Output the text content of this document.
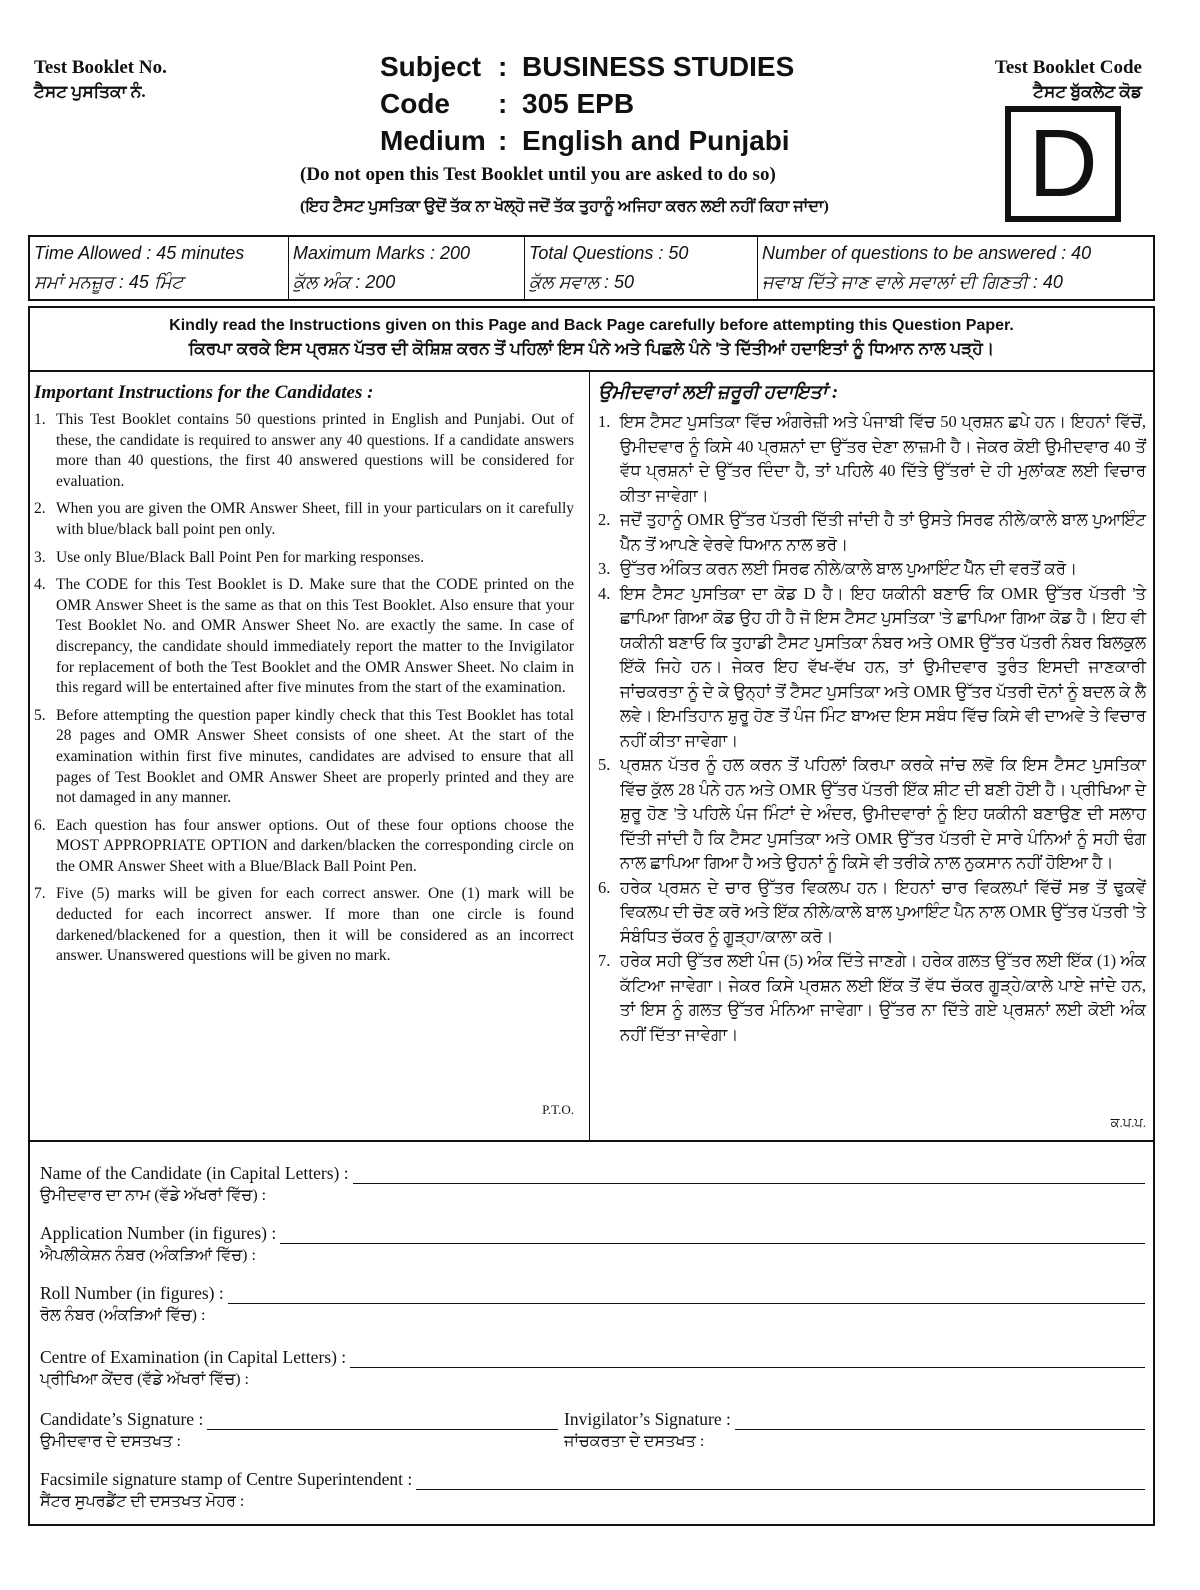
Test Booklet No.
ਟੈਸਟ ਪੁਸਤਿਕਾ ਨੰ.
Subject : BUSINESS STUDIES
Code	: 305 EPB
Medium : English and Punjabi
(Do not open this Test Booklet until you are asked to do so)
(ਇਹ ਟੈਸਟ ਪੁਸਤਿਕਾ ਉਦੋਂ ਤੱਕ ਨਾ ਖੋਲ੍ਹੋ ਜਦੋਂ ਤੱਕ ਤੁਹਾਨੂੰ ਅਜਿਹਾ ਕਰਨ ਲਈ ਨਹੀਂ ਕਿਹਾ ਜਾਂਦਾ)
Test Booklet Code
ਟੈਸਟ ਬੁੱਕਲੇਟ ਕੋਡ
D
Time Allowed : 45 minutes
ਸਮਾਂ ਮਨਜ਼ੂਰ : 45 ਮਿੰਟ
Maximum Marks : 200
ਕੁੱਲ ਅੰਕ : 200
Total Questions : 50
ਕੁੱਲ ਸਵਾਲ : 50
Number of questions to be answered : 40
ਜਵਾਬ ਦਿੱਤੇ ਜਾਣ ਵਾਲੇ ਸਵਾਲਾਂ ਦੀ ਗਿਣਤੀ : 40
Kindly read the Instructions given on this Page and Back Page carefully before attempting this Question Paper.
ਕਿਰਪਾ ਕਰਕੇ ਇਸ ਪ੍ਰਸ਼ਨ ਪੱਤਰ ਦੀ ਕੋਸ਼ਿਸ਼ ਕਰਨ ਤੋਂ ਪਹਿਲਾਂ ਇਸ ਪੰਨੇ ਅਤੇ ਪਿਛਲੇ ਪੰਨੇ 'ਤੇ ਦਿੱਤੀਆਂ ਹਦਾਇਤਾਂ ਨੂੰ ਧਿਆਨ ਨਾਲ ਪੜ੍ਹੋ।
Important Instructions for the Candidates :
1. This Test Booklet contains 50 questions printed in English and Punjabi. Out of these, the candidate is required to answer any 40 questions. If a candidate answers more than 40 questions, the first 40 answered questions will be considered for evaluation.
2. When you are given the OMR Answer Sheet, fill in your particulars on it carefully with blue/black ball point pen only.
3. Use only Blue/Black Ball Point Pen for marking responses.
4. The CODE for this Test Booklet is D. Make sure that the CODE printed on the OMR Answer Sheet is the same as that on this Test Booklet. Also ensure that your Test Booklet No. and OMR Answer Sheet No. are exactly the same. In case of discrepancy, the candidate should immediately report the matter to the Invigilator for replacement of both the Test Booklet and the OMR Answer Sheet. No claim in this regard will be entertained after five minutes from the start of the examination.
5. Before attempting the question paper kindly check that this Test Booklet has total 28 pages and OMR Answer Sheet consists of one sheet. At the start of the examination within first five minutes, candidates are advised to ensure that all pages of Test Booklet and OMR Answer Sheet are properly printed and they are not damaged in any manner.
6. Each question has four answer options. Out of these four options choose the MOST APPROPRIATE OPTION and darken/blacken the corresponding circle on the OMR Answer Sheet with a Blue/Black Ball Point Pen.
7. Five (5) marks will be given for each correct answer. One (1) mark will be deducted for each incorrect answer. If more than one circle is found darkened/blackened for a question, then it will be considered as an incorrect answer. Unanswered questions will be given no mark.
P.T.O.
ਉਮੀਦਵਾਰਾਂ ਲਈ ਜ਼ਰੂਰੀ ਹਦਾਇਤਾਂ :
1. ਇਸ ਟੈਸਟ ਪੁਸਤਿਕਾ ਵਿੱਚ ਅੰਗਰੇਜ਼ੀ ਅਤੇ ਪੰਜਾਬੀ ਵਿੱਚ 50 ਪ੍ਰਸ਼ਨ ਛਪੇ ਹਨ। ਇਹਨਾਂ ਵਿੱਚੋਂ, ਉਮੀਦਵਾਰ ਨੂੰ ਕਿਸੇ 40 ਪ੍ਰਸ਼ਨਾਂ ਦਾ ਉੱਤਰ ਦੇਣਾ ਲਾਜ਼ਮੀ ਹੈ। ਜੇਕਰ ਕੋਈ ਉਮੀਦਵਾਰ 40 ਤੋਂ ਵੱਧ ਪ੍ਰਸ਼ਨਾਂ ਦੇ ਉੱਤਰ ਦਿੰਦਾ ਹੈ, ਤਾਂ ਪਹਿਲੇ 40 ਦਿੱਤੇ ਉੱਤਰਾਂ ਦੇ ਹੀ ਮੁਲਾਂਕਣ ਲਈ ਵਿਚਾਰ ਕੀਤਾ ਜਾਵੇਗਾ।
2. ਜਦੋਂ ਤੁਹਾਨੂੰ OMR ਉੱਤਰ ਪੱਤਰੀ ਦਿੱਤੀ ਜਾਂਦੀ ਹੈ ਤਾਂ ਉਸਤੇ ਸਿਰਫ ਨੀਲੇ/ਕਾਲੇ ਬਾਲ ਪੁਆਇੰਟ ਪੈੱਨ ਤੋਂ ਆਪਣੇ ਵੇਰਵੇ ਧਿਆਨ ਨਾਲ ਭਰੋ।
3. ਉੱਤਰ ਅੰਕਿਤ ਕਰਨ ਲਈ ਸਿਰਫ ਨੀਲੇ/ਕਾਲੇ ਬਾਲ ਪੁਆਇੰਟ ਪੈੱਨ ਦੀ ਵਰਤੋਂ ਕਰੋ।
4. ਇਸ ਟੈਸਟ ਪੁਸਤਿਕਾ ਦਾ ਕੋਡ D ਹੈ। ਇਹ ਯਕੀਨੀ ਬਣਾਓ ਕਿ OMR ਉੱਤਰ ਪੱਤਰੀ 'ਤੇ ਛਾਪਿਆ ਗਿਆ ਕੋਡ ਉਹ ਹੀ ਹੈ ਜੋ ਇਸ ਟੈਸਟ ਪੁਸਤਿਕਾ 'ਤੇ ਛਾਪਿਆ ਗਿਆ ਕੋਡ ਹੈ। ਇਹ ਵੀ ਯਕੀਨੀ ਬਣਾਓ ਕਿ ਤੁਹਾਡੀ ਟੈਸਟ ਪੁਸਤਿਕਾ ਨੰਬਰ ਅਤੇ OMR ਉੱਤਰ ਪੱਤਰੀ ਨੰਬਰ ਬਿਲਕੁਲ ਇੱਕੋ ਜਿਹੇ ਹਨ। ਜੇਕਰ ਇਹ ਵੱਖ-ਵੱਖ ਹਨ, ਤਾਂ ਉਮੀਦਵਾਰ ਤੁਰੰਤ ਇਸਦੀ ਜਾਣਕਾਰੀ ਜਾਂਚਕਰਤਾ ਨੂੰ ਦੇ ਕੇ ਉਨ੍ਹਾਂ ਤੋਂ ਟੈਸਟ ਪੁਸਤਿਕਾ ਅਤੇ OMR ਉੱਤਰ ਪੱਤਰੀ ਦੋਨਾਂ ਨੂੰ ਬਦਲ ਕੇ ਲੈ ਲਵੇ। ਇਮਤਿਹਾਨ ਸ਼ੁਰੂ ਹੋਣ ਤੋਂ ਪੰਜ ਮਿੰਟ ਬਾਅਦ ਇਸ ਸਬੰਧ ਵਿੱਚ ਕਿਸੇ ਵੀ ਦਾਅਵੇ ਤੇ ਵਿਚਾਰ ਨਹੀਂ ਕੀਤਾ ਜਾਵੇਗਾ।
5. ਪ੍ਰਸ਼ਨ ਪੱਤਰ ਨੂੰ ਹਲ ਕਰਨ ਤੋਂ ਪਹਿਲਾਂ ਕਿਰਪਾ ਕਰਕੇ ਜਾਂਚ ਲਵੋ ਕਿ ਇਸ ਟੈਸਟ ਪੁਸਤਿਕਾ ਵਿੱਚ ਕੁੱਲ 28 ਪੰਨੇ ਹਨ ਅਤੇ OMR ਉੱਤਰ ਪੱਤਰੀ ਇੱਕ ਸ਼ੀਟ ਦੀ ਬਣੀ ਹੋਈ ਹੈ। ਪ੍ਰੀਖਿਆ ਦੇ ਸ਼ੁਰੂ ਹੋਣ 'ਤੇ ਪਹਿਲੇ ਪੰਜ ਮਿੰਟਾਂ ਦੇ ਅੰਦਰ, ਉਮੀਦਵਾਰਾਂ ਨੂੰ ਇਹ ਯਕੀਨੀ ਬਣਾਉਣ ਦੀ ਸਲਾਹ ਦਿੱਤੀ ਜਾਂਦੀ ਹੈ ਕਿ ਟੈਸਟ ਪੁਸਤਿਕਾ ਅਤੇ OMR ਉੱਤਰ ਪੱਤਰੀ ਦੇ ਸਾਰੇ ਪੰਨਿਆਂ ਨੂੰ ਸਹੀ ਢੰਗ ਨਾਲ ਛਾਪਿਆ ਗਿਆ ਹੈ ਅਤੇ ਉਹਨਾਂ ਨੂੰ ਕਿਸੇ ਵੀ ਤਰੀਕੇ ਨਾਲ ਨੁਕਸਾਨ ਨਹੀਂ ਹੋਇਆ ਹੈ।
6. ਹਰੇਕ ਪ੍ਰਸ਼ਨ ਦੇ ਚਾਰ ਉੱਤਰ ਵਿਕਲਪ ਹਨ। ਇਹਨਾਂ ਚਾਰ ਵਿਕਲਪਾਂ ਵਿੱਚੋਂ ਸਭ ਤੋਂ ਢੁਕਵੇਂ ਵਿਕਲਪ ਦੀ ਚੋਣ ਕਰੋ ਅਤੇ ਇੱਕ ਨੀਲੇ/ਕਾਲੇ ਬਾਲ ਪੁਆਇੰਟ ਪੈਨ ਨਾਲ OMR ਉੱਤਰ ਪੱਤਰੀ 'ਤੇ ਸੰਬੰਧਿਤ ਚੱਕਰ ਨੂੰ ਗੂੜ੍ਹਾ/ਕਾਲਾ ਕਰੋ।
7. ਹਰੇਕ ਸਹੀ ਉੱਤਰ ਲਈ ਪੰਜ (5) ਅੰਕ ਦਿੱਤੇ ਜਾਣਗੇ। ਹਰੇਕ ਗਲਤ ਉੱਤਰ ਲਈ ਇੱਕ (1) ਅੰਕ ਕੱਟਿਆ ਜਾਵੇਗਾ। ਜੇਕਰ ਕਿਸੇ ਪ੍ਰਸ਼ਨ ਲਈ ਇੱਕ ਤੋਂ ਵੱਧ ਚੱਕਰ ਗੂੜ੍ਹੇ/ਕਾਲੇ ਪਾਏ ਜਾਂਦੇ ਹਨ, ਤਾਂ ਇਸ ਨੂੰ ਗਲਤ ਉੱਤਰ ਮੰਨਿਆ ਜਾਵੇਗਾ। ਉੱਤਰ ਨਾ ਦਿੱਤੇ ਗਏ ਪ੍ਰਸ਼ਨਾਂ ਲਈ ਕੋਈ ਅੰਕ ਨਹੀਂ ਦਿੱਤਾ ਜਾਵੇਗਾ।
ਕ.ਪ.ਪ.
Name of the Candidate (in Capital Letters) :
ਉਮੀਦਵਾਰ ਦਾ ਨਾਮ (ਵੱਡੇ ਅੱਖਰਾਂ ਵਿੱਚ) :
Application Number (in figures) :
ਐਪਲੀਕੇਸ਼ਨ ਨੰਬਰ (ਅੰਕੜਿਆਂ ਵਿੱਚ) :
Roll Number (in figures) :
ਰੋਲ ਨੰਬਰ (ਅੰਕੜਿਆਂ ਵਿੱਚ) :
Centre of Examination (in Capital Letters) :
ਪ੍ਰੀਖਿਆ ਕੇਂਦਰ (ਵੱਡੇ ਅੱਖਰਾਂ ਵਿੱਚ) :
Candidate’s Signature :
ਉਮੀਦਵਾਰ ਦੇ ਦਸਤਖਤ :
Invigilator’s Signature :
ਜਾਂਚਕਰਤਾ ਦੇ ਦਸਤਖਤ :
Facsimile signature stamp of Centre Superintendent :
ਸੈਂਟਰ ਸੁਪਰਡੈਂਟ ਦੀ ਦਸਤਖਤ ਮੋਹਰ :
